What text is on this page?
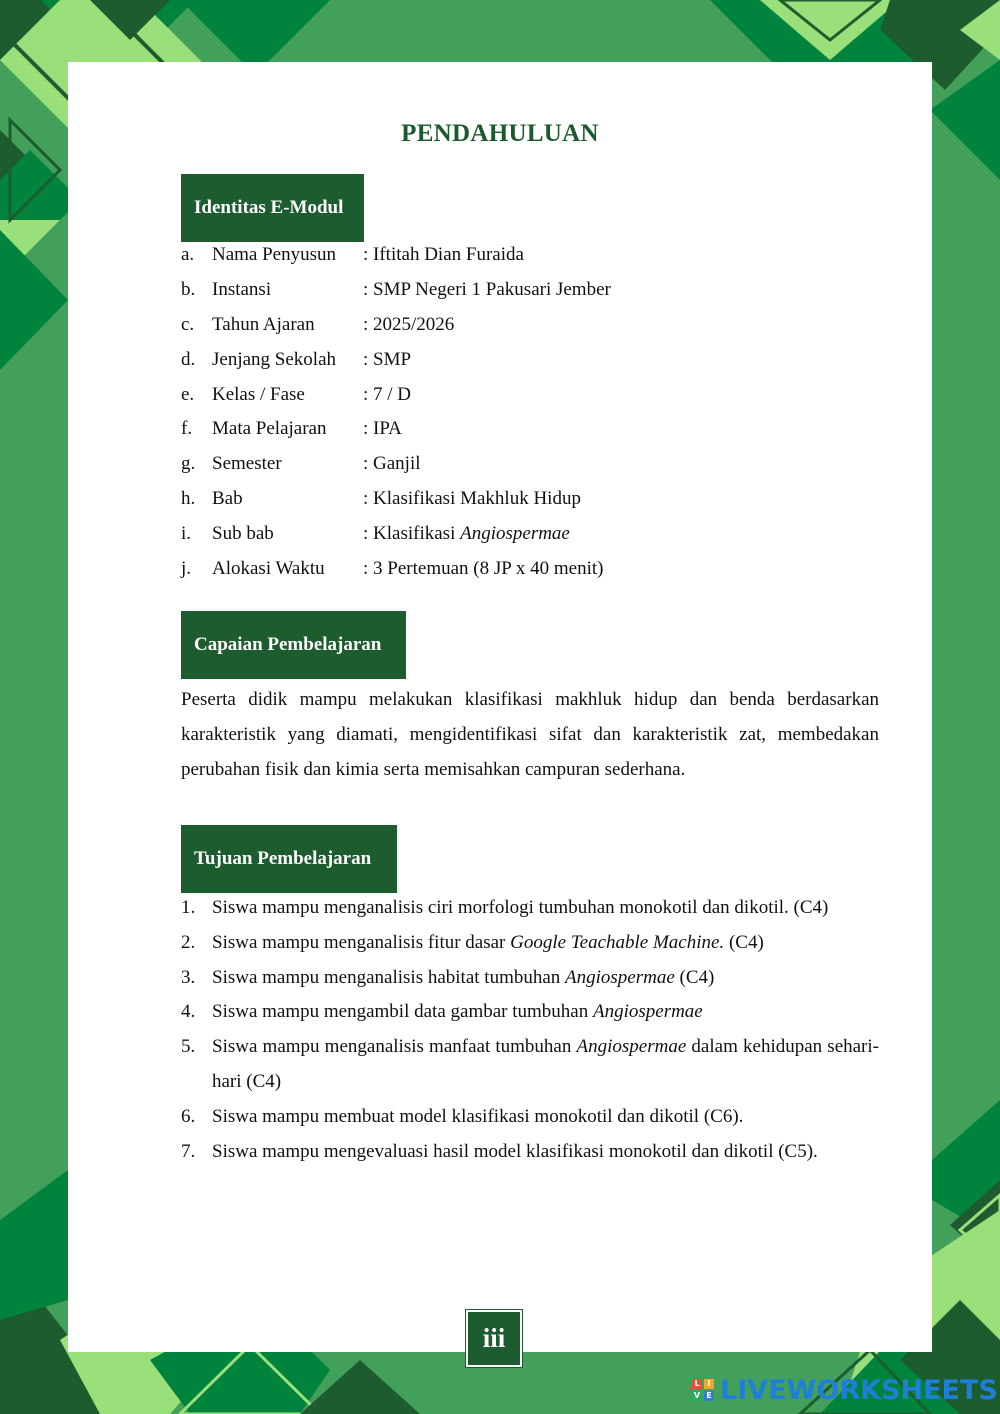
PENDAHULUAN
Identitas E-Modul
a. Nama Penyusun	: Iftitah Dian Furaida
b. Instansi	: SMP Negeri 1 Pakusari Jember
c. Tahun Ajaran	: 2025/2026
d. Jenjang Sekolah	: SMP
e. Kelas / Fase	: 7 / D
f.	Mata Pelajaran	: IPA
g. Semester	: Ganjil
h. Bab	: Klasifikasi Makhluk Hidup
i.	Sub bab	: Klasifikasi Angiospermae
j.	Alokasi Waktu	: 3 Pertemuan (8 JP x 40 menit)
Capaian Pembelajaran

Peserta didik mampu melakukan klasifikasi makhluk hidup dan benda berdasarkan karakteristik yang diamati, mengidentifikasi sifat dan karakteristik zat, membedakan perubahan fisik dan kimia serta memisahkan campuran sederhana.

Tujuan Pembelajaran
1. Siswa mampu menganalisis ciri morfologi tumbuhan monokotil dan dikotil. (C4)
2. Siswa mampu menganalisis fitur dasar Google Teachable Machine. (C4)
3. Siswa mampu menganalisis habitat tumbuhan Angiospermae (C4)
4. Siswa mampu mengambil data gambar tumbuhan Angiospermae
5. Siswa mampu menganalisis manfaat tumbuhan Angiospermae dalam kehidupan sehari-hari (C4)
6. Siswa mampu membuat model klasifikasi monokotil dan dikotil (C6).
7. Siswa mampu mengevaluasi hasil model klasifikasi monokotil dan dikotil (C5).
iii
L I
V E LIVEWORKSHEETS
